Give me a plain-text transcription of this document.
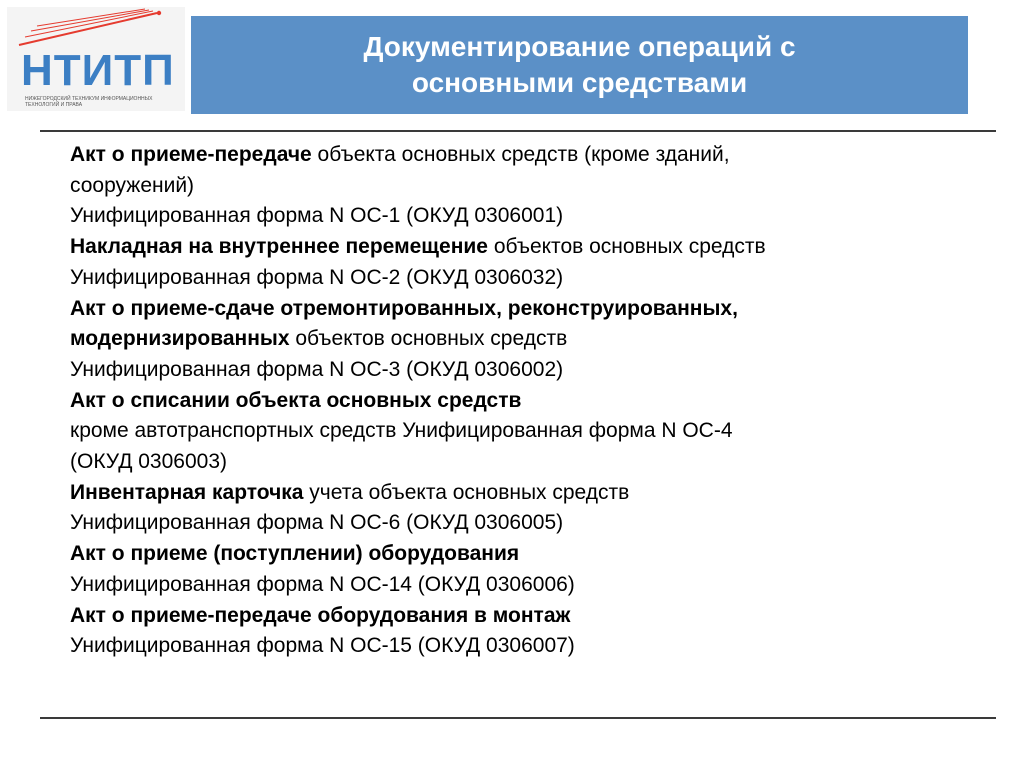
НТИТП
НИЖЕГОРОДСКИЙ ТЕХНИКУМ ИНФОРМАЦИОННЫХ ТЕХНОЛОГИЙ И ПРАВА
Документирование операций с основными средствами

Акт о приеме-передаче объекта основных средств (кроме зданий,

сооружений)

Унифицированная форма N ОС-1 (ОКУД 0306001)

Накладная на внутреннее перемещение объектов основных средств

Унифицированная форма N ОС-2 (ОКУД 0306032)

Акт о приеме-сдаче отремонтированных, реконструированных,

модернизированных объектов основных средств

Унифицированная форма N ОС-3 (ОКУД 0306002)

Акт о списании объекта основных средств

кроме автотранспортных средств Унифицированная форма N ОС-4

(ОКУД 0306003)

Инвентарная карточка учета объекта основных средств

Унифицированная форма N ОС-6 (ОКУД 0306005)

Акт о приеме (поступлении) оборудования

Унифицированная форма N ОС-14 (ОКУД 0306006)

Акт о приеме-передаче оборудования в монтаж

Унифицированная форма N ОС-15 (ОКУД 0306007)
